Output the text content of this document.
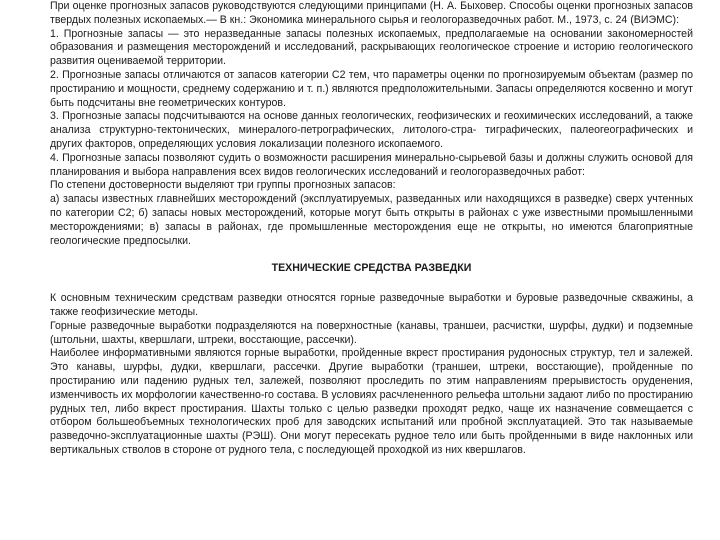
При оценке прогнозных запасов руководствуются следующими принципами (Н. А. Быховер. Способы оценки прогнозных запасов твердых полезных ископаемых.— В кн.: Экономика минерального сырья и геологоразведочных работ. М., 1973, с. 24 (ВИЭМС):

1. Прогнозные запасы — это неразведанные запасы полезных ископаемых, предполагаемые на основании закономерностей образования и размещения месторождений и исследований, раскрывающих геологическое строение и историю геологического развития оцениваемой территории.

2. Прогнозные запасы отличаются от запасов категории С2 тем, что параметры оценки по прогнозируемым объектам (размер по простиранию и мощности, среднему содержанию и т. п.) являются предположительными. Запасы определяются косвенно и могут быть подсчитаны вне геометрических контуров.

3. Прогнозные запасы подсчитываются на основе данных геологических, геофизических и геохимических исследований, а также анализа структурно-тектонических, минералого-петрографических, литолого-стра- тиграфических, палеогеографических и других факторов, определяющих условия локализации полезного ископаемого.

4. Прогнозные запасы позволяют судить о возможности расширения минерально-сырьевой базы и должны служить основой для планирования и выбора направления всех видов геологических исследований и геологоразведочных работ:

По степени достоверности выделяют три группы прогнозных запасов:

а) запасы известных главнейших месторождений (эксплуатируемых, разведанных или находящихся в разведке) сверх учтенных по категории С2; б) запасы новых месторождений, которые могут быть открыты в районах с уже известными промышленными месторождениями; в) запасы в районах, где промышленные месторождения еще не открыты, но имеются благоприятные геологические предпосылки.

ТЕХНИЧЕСКИЕ СРЕДСТВА РАЗВЕДКИ

К основным техническим средствам разведки относятся горные разведочные выработки и буровые разведочные скважины, а также геофизические методы.

Горные разведочные выработки подразделяются на поверхностные (канавы, траншеи, расчистки, шурфы, дудки) и подземные (штольни, шахты, квершлаги, штреки, восстающие, рассечки).

Наиболее информативными являются горные выработки, пройденные вкрест простирания рудоносных структур, тел и залежей. Это канавы, шурфы, дудки, квершлаги, рассечки. Другие выработки (траншеи, штреки, восстающие), пройденные по простиранию или падению рудных тел, залежей, позволяют проследить по этим направлениям прерывистость оруденения, изменчивость их морфологии качественно-го состава. В условиях расчлененного рельефа штольни задают либо по простиранию рудных тел, либо вкрест простирания. Шахты только с целью разведки проходят редко, чаще их назначение совмещается с отбором большеобъемных технологических проб для заводских испытаний или пробной эксплуатацией. Это так называемые разведочно-эксплуатационные шахты (РЭШ). Они могут пересекать рудное тело или быть пройденными в виде наклонных или вертикальных стволов в стороне от рудного тела, с последующей проходкой из них квершлагов.
